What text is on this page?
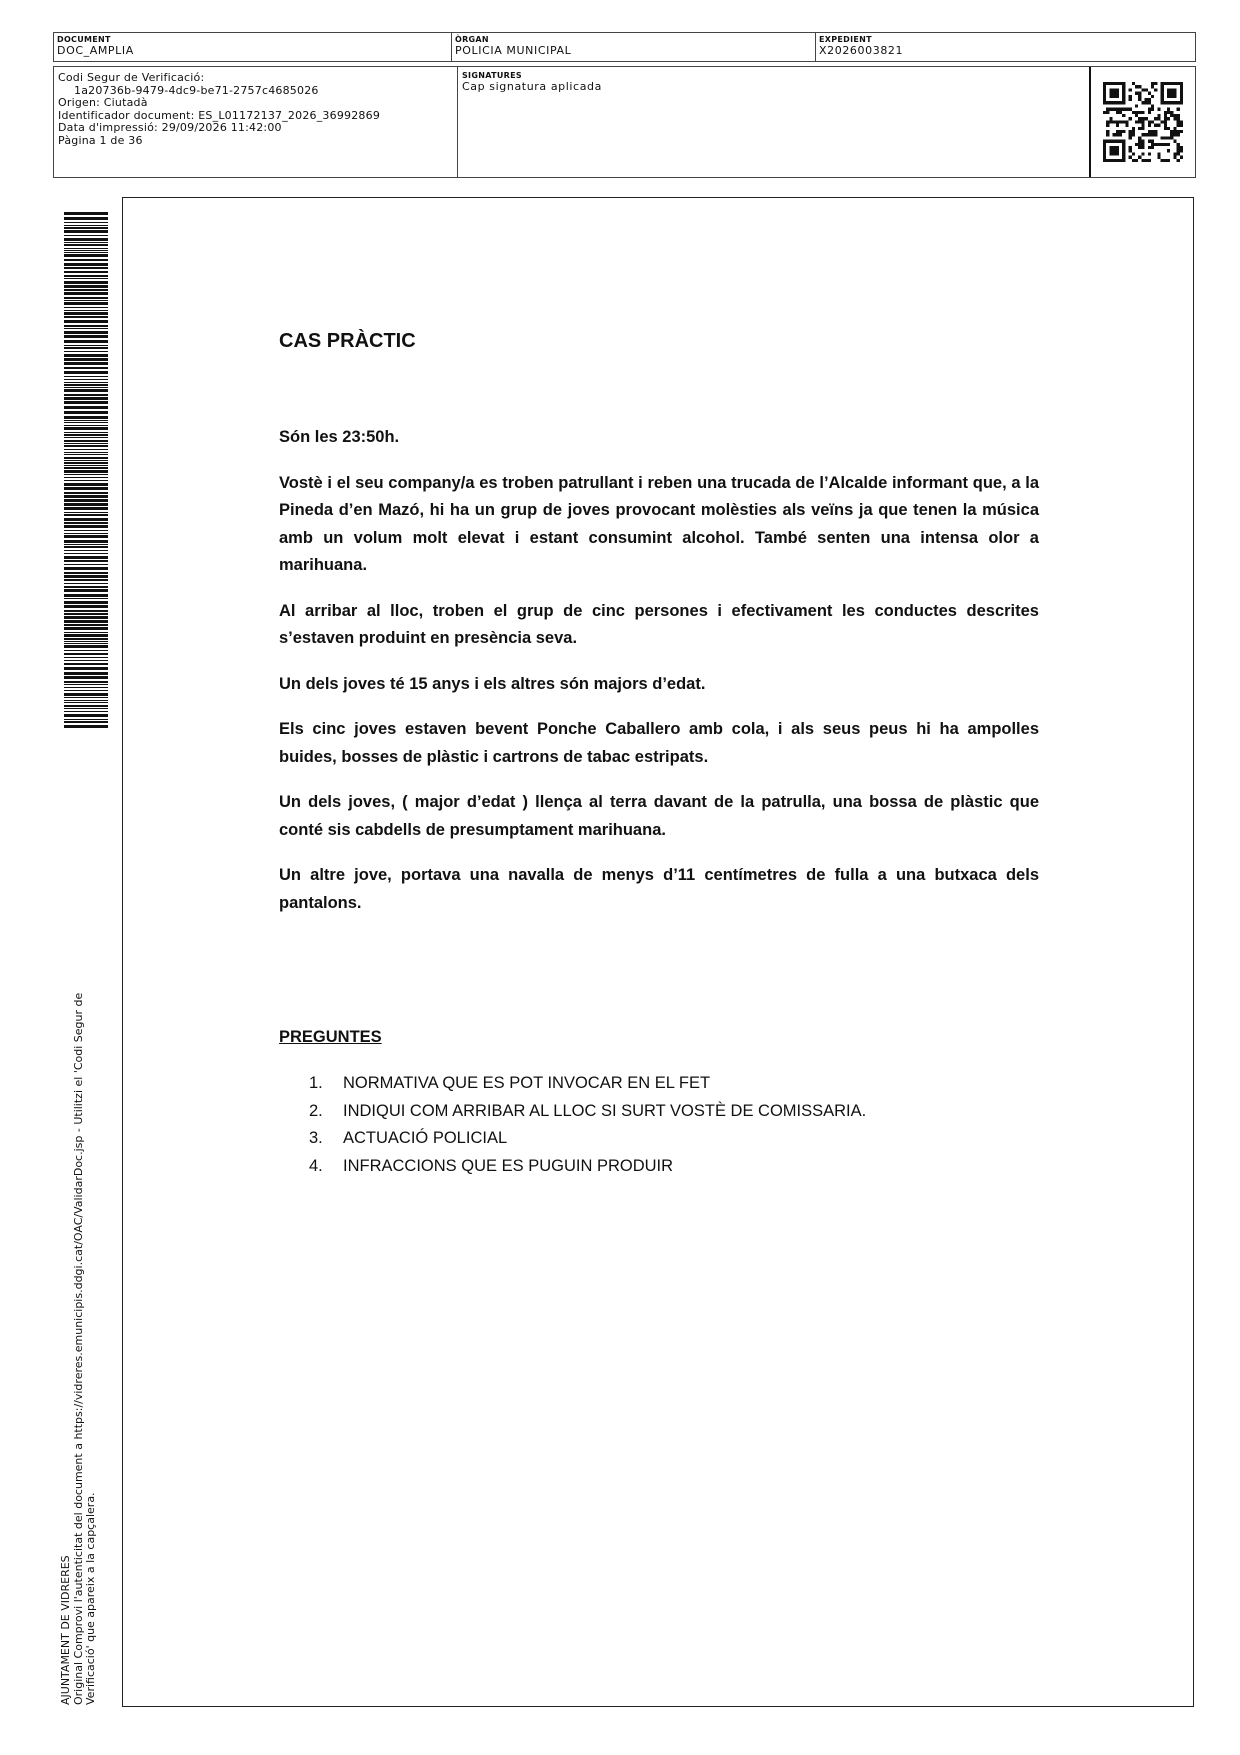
DOCUMENT
DOC_AMPLIA
ÒRGAN
POLICIA MUNICIPAL
EXPEDIENT
X2026003821
Codi Segur de Verificació:
1a20736b-9479-4dc9-be71-2757c4685026
Origen: Ciutadà
Identificador document: ES_L01172137_2026_36992869
Data d'impressió: 29/09/2026 11:42:00
Pàgina 1 de 36
SIGNATURES
Cap signatura aplicada
AJUNTAMENT DE VIDRERES Original Comprovi l'autenticitat del document a https://vidreres.emunicipis.ddgi.cat/OAC/ValidarDoc.jsp - Utilitzi el 'Codi Segur de Verificació' que apareix a la capçalera.
CAS PRÀCTIC

Són les 23:50h.

Vostè i el seu company/a es troben patrullant i reben una trucada de l’Alcalde informant que, a la Pineda d’en Mazó, hi ha un grup de joves provocant molèsties als veïns ja que tenen la música amb un volum molt elevat i estant consumint alcohol. També senten una intensa olor a marihuana.

Al arribar al lloc, troben el grup de cinc persones i efectivament les conductes descrites s’estaven produint en presència seva.

Un dels joves té 15 anys i els altres són majors d’edat.

Els cinc joves estaven bevent Ponche Caballero amb cola, i als seus peus hi ha ampolles buides, bosses de plàstic i cartrons de tabac estripats.

Un dels joves, ( major d’edat ) llença al terra davant de la patrulla, una bossa de plàstic que conté sis cabdells de presumptament marihuana.

Un altre jove, portava una navalla de menys d’11 centímetres de fulla a una butxaca dels pantalons.

PREGUNTES
1.	NORMATIVA QUE ES POT INVOCAR EN EL FET
2.	INDIQUI COM ARRIBAR AL LLOC SI SURT VOSTÈ DE COMISSARIA.
3.	ACTUACIÓ POLICIAL
4.	INFRACCIONS QUE ES PUGUIN PRODUIR
